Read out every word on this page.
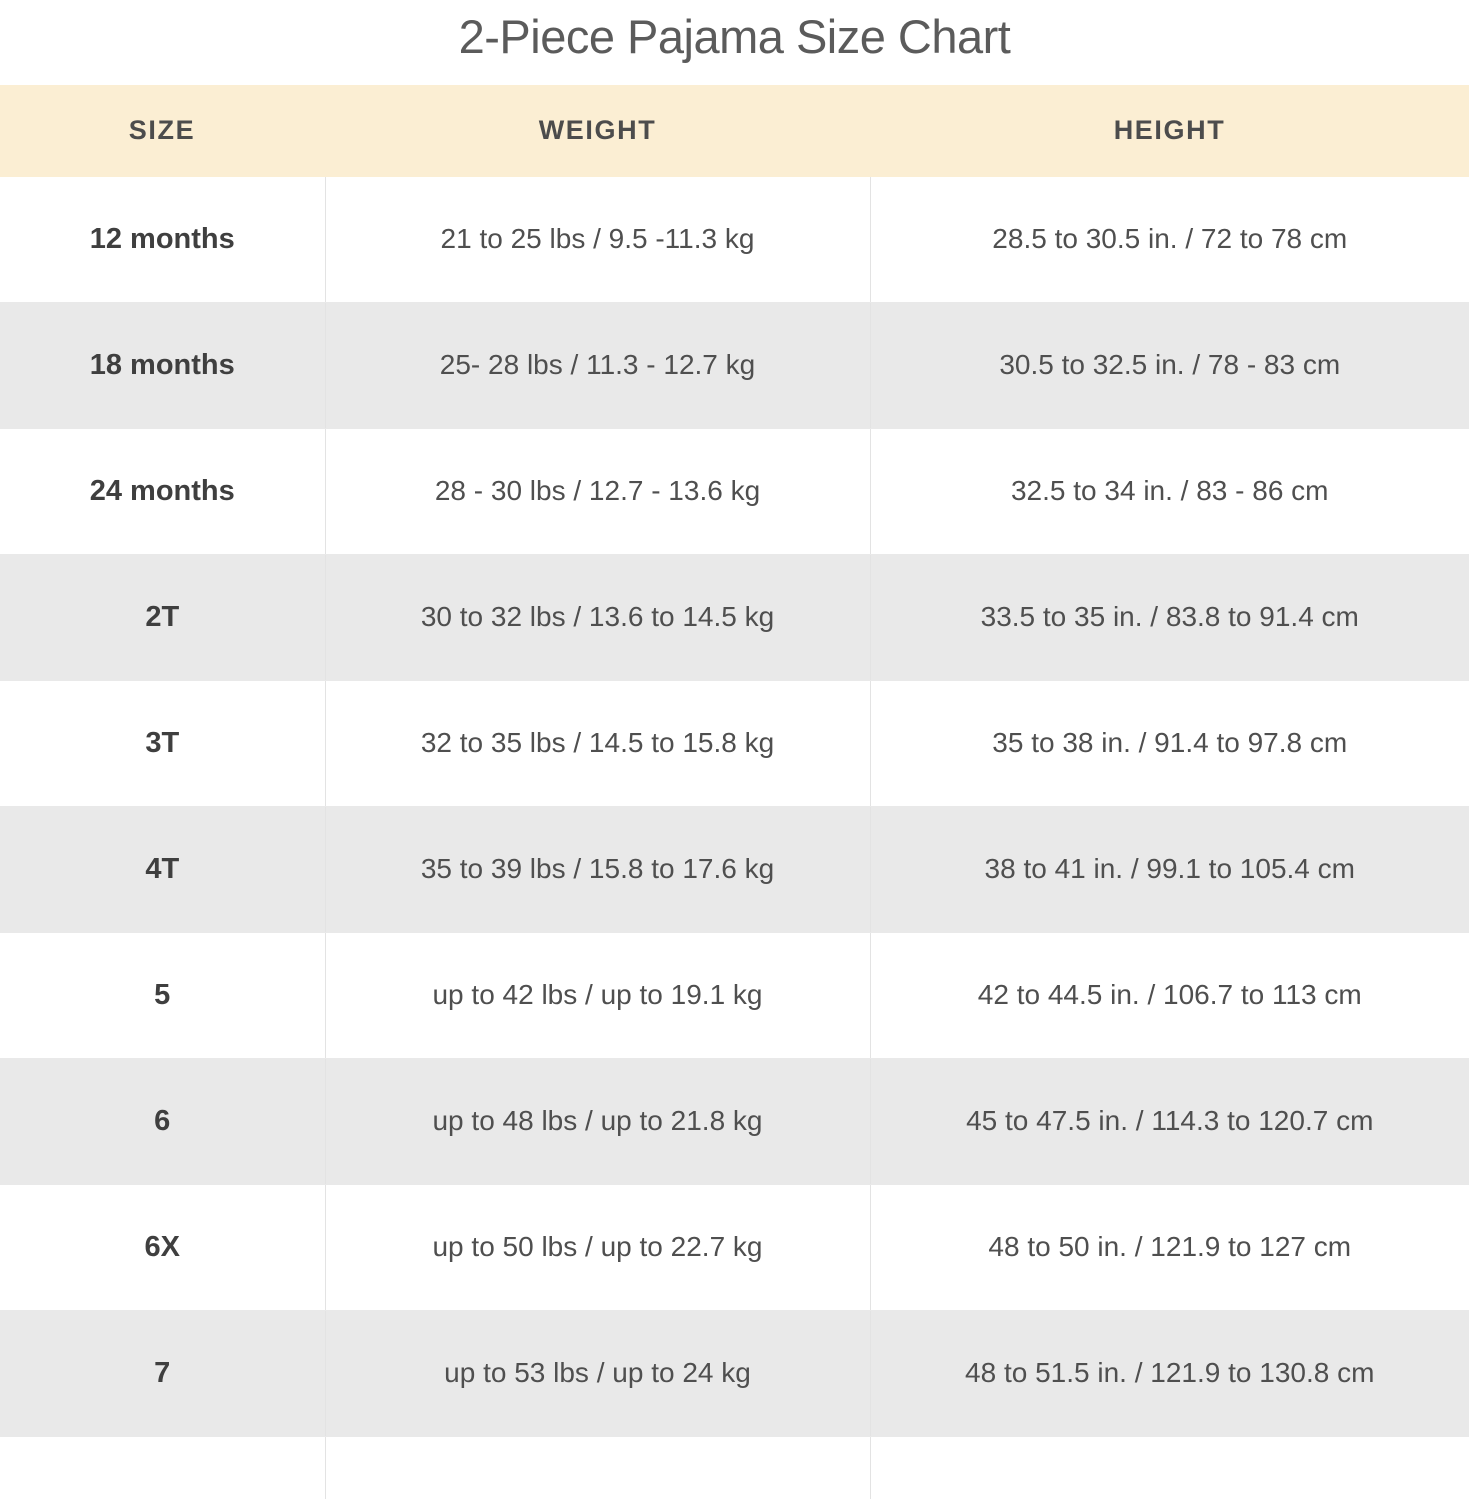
2-Piece Pajama Size Chart
SIZE	WEIGHT	HEIGHT
12 months	21 to 25 lbs / 9.5 -11.3 kg	28.5 to 30.5 in. / 72 to 78 cm
18 months	25- 28 lbs / 11.3 - 12.7 kg	30.5 to 32.5 in. / 78 - 83 cm
24 months	28 - 30 lbs / 12.7 - 13.6 kg	32.5 to 34 in. / 83 - 86 cm
2T	30 to 32 lbs / 13.6 to 14.5 kg	33.5 to 35 in. / 83.8 to 91.4 cm
3T	32 to 35 lbs / 14.5 to 15.8 kg	35 to 38 in. / 91.4 to 97.8 cm
4T	35 to 39 lbs / 15.8 to 17.6 kg	38 to 41 in. / 99.1 to 105.4 cm
5	up to 42 lbs / up to 19.1 kg	42 to 44.5 in. / 106.7 to 113 cm
6	up to 48 lbs / up to 21.8 kg	45 to 47.5 in. / 114.3 to 120.7 cm
6X	up to 50 lbs / up to 22.7 kg	48 to 50 in. / 121.9 to 127 cm
7	up to 53 lbs / up to 24 kg	48 to 51.5 in. / 121.9 to 130.8 cm
